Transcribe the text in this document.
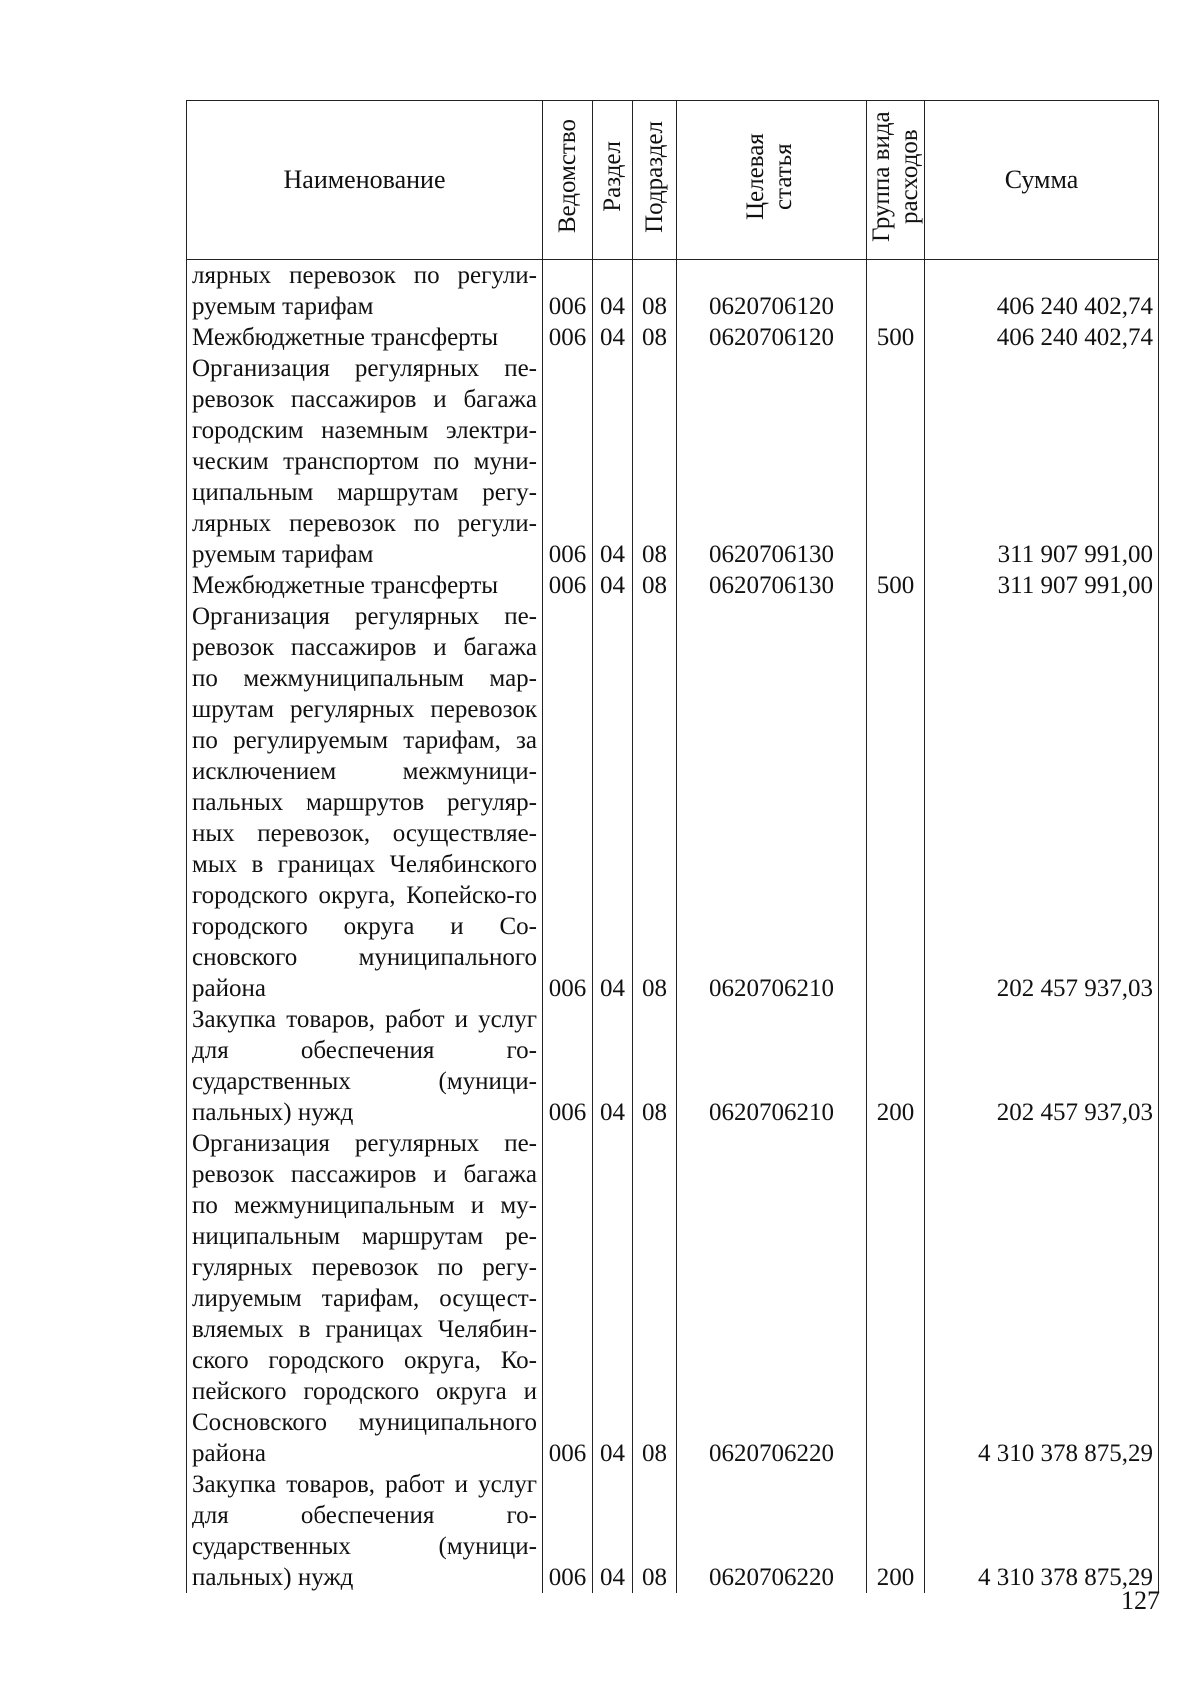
Наименование	Ведомство	Раздел	Подраздел	Целевая статья	Группа вида расходов	Сумма
лярных перевозок по регули-руемым тарифам	006	04	08	0620706120		406 240 402,74
Межбюджетные трансферты	006	04	08	0620706120	500	406 240 402,74
Организация регулярных пе-ревозок пассажиров и багажа городским наземным электри-ческим транспортом по муни-ципальным маршрутам регу-лярных перевозок по регули-руемым тарифам	006	04	08	0620706130		311 907 991,00
Межбюджетные трансферты	006	04	08	0620706130	500	311 907 991,00
Организация регулярных пе-ревозок пассажиров и багажа по межмуниципальным мар-шрутам регулярных перевозок по регулируемым тарифам, за исключением межмуници-пальных маршрутов регуляр-ных перевозок, осуществляе-мых в границах Челябинского городского округа, Копейско-го городского округа и Со-сновского муниципального района	006	04	08	0620706210		202 457 937,03
Закупка товаров, работ и услуг для обеспечения го-сударственных (муници-пальных) нужд	006	04	08	0620706210	200	202 457 937,03
Организация регулярных пе-ревозок пассажиров и багажа по межмуниципальным и му-ниципальным маршрутам ре-гулярных перевозок по регу-лируемым тарифам, осущест-вляемых в границах Челябин-ского городского округа, Ко-пейского городского округа и Сосновского муниципального района	006	04	08	0620706220		4 310 378 875,29
Закупка товаров, работ и услуг для обеспечения го-сударственных (муници-пальных) нужд	006	04	08	0620706220	200	4 310 378 875,29
127
